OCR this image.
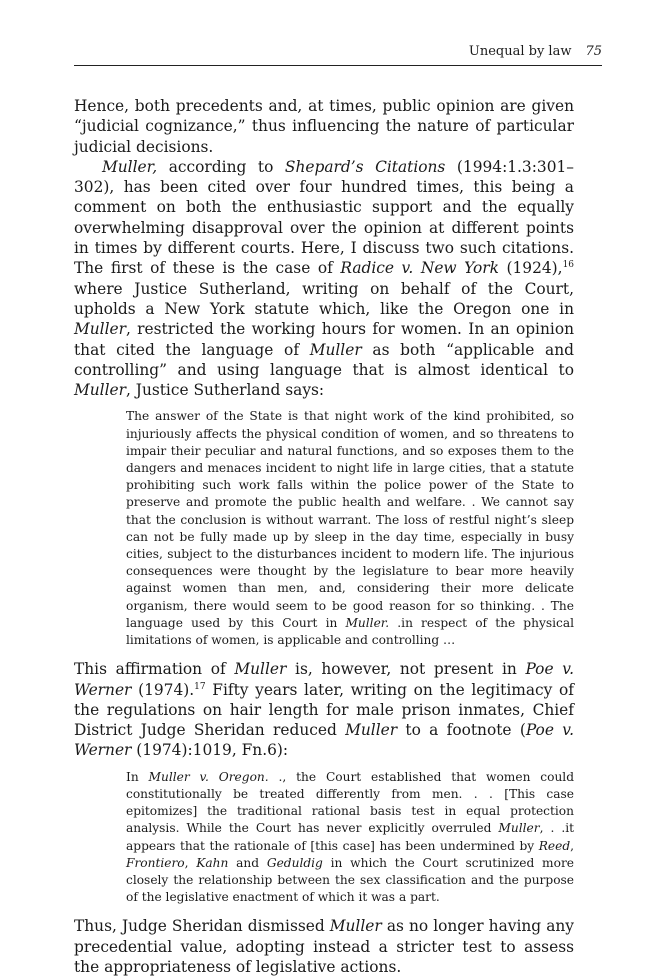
Unequal by law 75

Hence, both precedents and, at times, public opinion are given “judicial cognizance,” thus influencing the nature of particular judicial decisions.

Muller, according to Shepard’s Citations (1994:1.3:301–302), has been cited over four hundred times, this being a comment on both the enthusiastic support and the equally overwhelming disapproval over the opinion at different points in times by different courts. Here, I discuss two such citations. The first of these is the case of Radice v. New York (1924),$^{16}$ where Justice Sutherland, writing on behalf of the Court, upholds a New York statute which, like the Oregon one in Muller, restricted the working hours for women. In an opinion that cited the language of Muller as both “applicable and controlling” and using language that is almost identical to Muller, Justice Sutherland says:

The answer of the State is that night work of the kind prohibited, so injuriously affects the physical condition of women, and so threatens to impair their peculiar and natural functions, and so exposes them to the dangers and menaces incident to night life in large cities, that a statute prohibiting such work falls within the police power of the State to preserve and promote the public health and welfare. . We cannot say that the conclusion is without warrant. The loss of restful night’s sleep can not be fully made up by sleep in the day time, especially in busy cities, subject to the disturbances incident to modern life. The injurious consequences were thought by the legislature to bear more heavily against women than men, and, considering their more delicate organism, there would seem to be good reason for so thinking. . The language used by this Court in Muller. .in respect of the physical limitations of women, is applicable and controlling …

This affirmation of Muller is, however, not present in Poe v. Werner (1974).$^{17}$ Fifty years later, writing on the legitimacy of the regulations on hair length for male prison inmates, Chief District Judge Sheridan reduced Muller to a footnote (Poe v. Werner (1974):1019, Fn.6):

In Muller v. Oregon. ., the Court established that women could constitutionally be treated differently from men. . . [This case epitomizes] the traditional rational basis test in equal protection analysis. While the Court has never explicitly overruled Muller, . .it appears that the rationale of [this case] has been undermined by Reed, Frontiero, Kahn and Geduldig in which the Court scrutinized more closely the relationship between the sex classification and the purpose of the legislative enactment of which it was a part.

Thus, Judge Sheridan dismissed Muller as no longer having any precedential value, adopting instead a stricter test to assess the appropriateness of legislative actions.
